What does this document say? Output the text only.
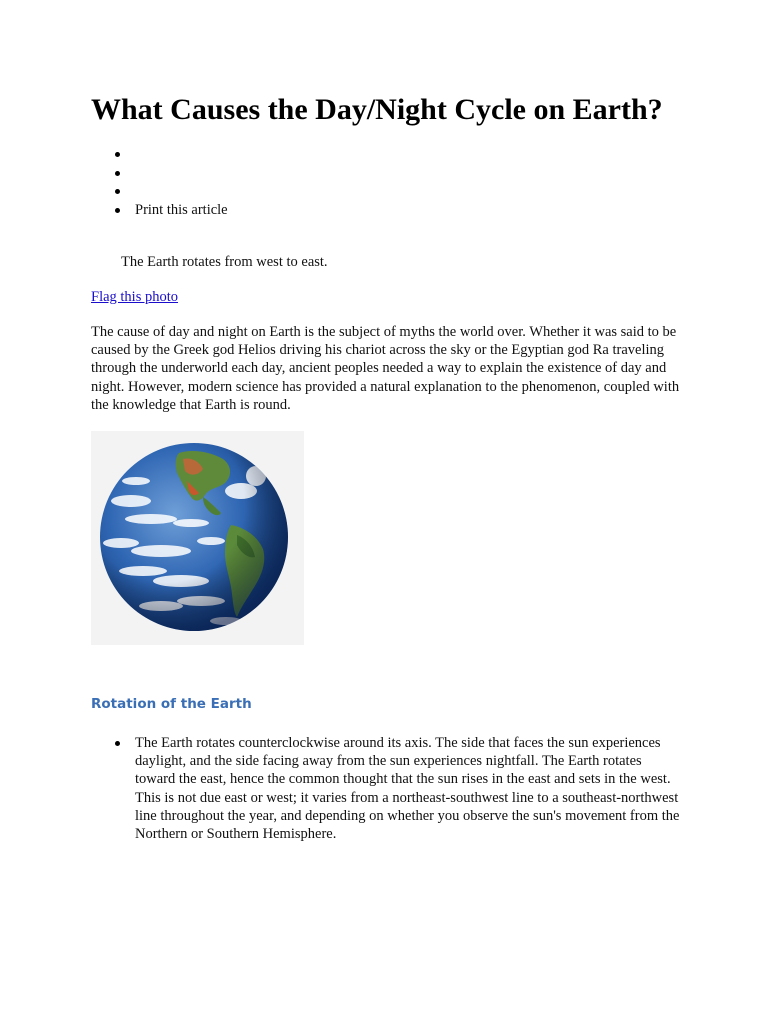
What Causes the Day/Night Cycle on Earth?
Print this article

The Earth rotates from west to east.

Flag this photo

The cause of day and night on Earth is the subject of myths the world over. Whether it was said to be caused by the Greek god Helios driving his chariot across the sky or the Egyptian god Ra traveling through the underworld each day, ancient peoples needed a way to explain the existence of day and night. However, modern science has provided a natural explanation to the phenomenon, coupled with the knowledge that Earth is round.

Rotation of the Earth
The Earth rotates counterclockwise around its axis. The side that faces the sun experiences daylight, and the side facing away from the sun experiences nightfall. The Earth rotates toward the east, hence the common thought that the sun rises in the east and sets in the west. This is not due east or west; it varies from a northeast-southwest line to a southeast-northwest line throughout the year, and depending on whether you observe the sun's movement from the Northern or Southern Hemisphere.
